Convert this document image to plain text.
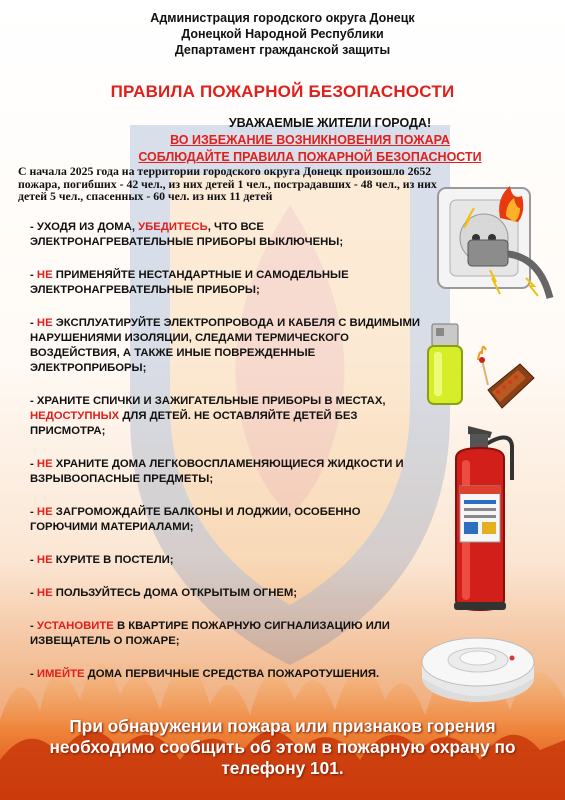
Администрация городского округа Донецк
Донецкой Народной Республики
Департамент гражданской защиты
ПРАВИЛА ПОЖАРНОЙ БЕЗОПАСНОСТИ
УВАЖАЕМЫЕ ЖИТЕЛИ ГОРОДА!
ВО ИЗБЕЖАНИЕ ВОЗНИКНОВЕНИЯ ПОЖАРА
СОБЛЮДАЙТЕ ПРАВИЛА ПОЖАРНОЙ БЕЗОПАСНОСТИ
С начала 2025 года на территории городского округа Донецк произошло 2652 пожара, погибших - 42 чел., из них детей 1 чел., пострадавших - 48 чел., из них детей 5 чел., спасенных - 60 чел. из них 11 детей
- УХОДЯ ИЗ ДОМА, УБЕДИТЕСЬ, ЧТО ВСЕ ЭЛЕКТРОНАГРЕВАТЕЛЬНЫЕ ПРИБОРЫ ВЫКЛЮЧЕНЫ;
- НЕ ПРИМЕНЯЙТЕ НЕСТАНДАРТНЫЕ И САМОДЕЛЬНЫЕ ЭЛЕКТРОНАГРЕВАТЕЛЬНЫЕ ПРИБОРЫ;
- НЕ ЭКСПЛУАТИРУЙТЕ ЭЛЕКТРОПРОВОДА И КАБЕЛЯ С ВИДИМЫМИ НАРУШЕНИЯМИ ИЗОЛЯЦИИ, СЛЕДАМИ ТЕРМИЧЕСКОГО ВОЗДЕЙСТВИЯ, А ТАКЖЕ ИНЫЕ ПОВРЕЖДЕННЫЕ ЭЛЕКТРОПРИБОРЫ;
- ХРАНИТЕ СПИЧКИ И ЗАЖИГАТЕЛЬНЫЕ ПРИБОРЫ В МЕСТАХ, НЕДОСТУПНЫХ ДЛЯ ДЕТЕЙ. НЕ ОСТАВЛЯЙТЕ ДЕТЕЙ БЕЗ ПРИСМОТРА;
- НЕ ХРАНИТЕ ДОМА ЛЕГКОВОСПЛАМЕНЯЮЩИЕСЯ ЖИДКОСТИ И ВЗРЫВООПАСНЫЕ ПРЕДМЕТЫ;
- НЕ ЗАГРОМОЖДАЙТЕ БАЛКОНЫ И ЛОДЖИИ, ОСОБЕННО ГОРЮЧИМИ МАТЕРИАЛАМИ;
- НЕ КУРИТЕ В ПОСТЕЛИ;
- НЕ ПОЛЬЗУЙТЕСЬ ДОМА ОТКРЫТЫМ ОГНЕМ;
- УСТАНОВИТЕ В КВАРТИРЕ ПОЖАРНУЮ СИГНАЛИЗАЦИЮ ИЛИ ИЗВЕЩАТЕЛЬ О ПОЖАРЕ;
- ИМЕЙТЕ ДОМА ПЕРВИЧНЫЕ СРЕДСТВА ПОЖАРОТУШЕНИЯ.
При обнаружении пожара или признаков горения
необходимо сообщить об этом в пожарную охрану по
телефону 101.
